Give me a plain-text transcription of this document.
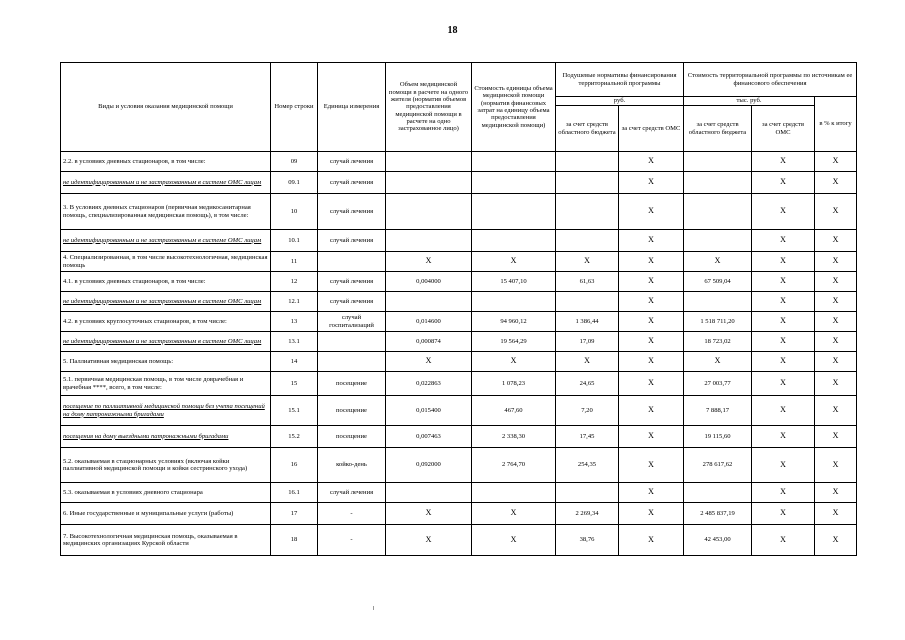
18
Виды и условия оказания медицинской помощи	Номер строки	Единица измерения	Объем медицинской помощи в расчете на одного жителя (норматив объемов предоставления медицинской помощи в расчете на одно застрахованное лицо)	Стоимость единицы объема медицинской помощи (норматив финансовых затрат на единицу объема предоставления медицинской помощи)	Подушевые нормативы финансирования территориальной программы		Стоимость территориальной программы по источникам ее финансового обеспечения		
					руб.		тыс. руб.		в % к итогу
					за счет средств областного бюджета	за счет средств ОМС	за счет средств областного бюджета	за счет средств ОМС	
2.2. в условиях дневных стационаров, в том числе:	09	случай лечения				X		X	X
не идентифицированным и не застрахованным в системе ОМС лицам	09.1	случай лечения				X		X	X
3. В условиях дневных стационаров (первичная медикосанитарная помощь, специализированная медицинская помощь), в том числе:	10	случай лечения				X		X	X
не идентифицированным и не застрахованным в системе ОМС лицам	10.1	случай лечения				X		X	X
4. Специализированная, в том числе высокотехнологичная, медицинская помощь	11		X	X	X	X	X	X	X
4.1. в условиях дневных стационаров, в том числе:	12	случай лечения	0,004000	15 407,10	61,63	X	67 509,04	X	X
не идентифицированным и не застрахованным в системе ОМС лицам	12.1	случай лечения				X		X	X
4.2. в условиях круглосуточных стационаров, в том числе:	13	случай госпитализаций	0,014600	94 960,12	1 386,44	X	1 518 711,20	X	X
не идентифицированным и не застрахованным в системе ОМС лицам	13.1		0,000874	19 564,29	17,09	X	18 723,02	X	X
5. Паллиативная медицинская помощь:	14		X	X	X	X	X	X	X
5.1. первичная медицинская помощь, в том числе доврачебная и врачебная ****, всего, в том числе:	15	посещение	0,022863	1 078,23	24,65	X	27 003,77	X	X
посещение по паллиативной медицинской помощи без учета посещений на дому патронажными бригадами	15.1	посещение	0,015400	467,60	7,20	X	7 888,17	X	X
посещения на дому выездными патронажными бригадами	15.2	посещение	0,007463	2 338,30	17,45	X	19 115,60	X	X
5.2. оказываемая в стационарных условиях (включая койки паллиативной медицинской помощи и койки сестринского ухода)	16	койко-день	0,092000	2 764,70	254,35	X	278 617,62	X	X
5.3. оказываемая в условиях дневного стационара	16.1	случай лечения				X		X	X
6. Иные государственные и муниципальные услуги (работы)	17	-	X	X	2 269,34	X	2 485 837,19	X	X
7. Высокотехнологичная медицинская помощь, оказываемая в медицинских организациях Курской области	18	-	X	X	38,76	X	42 453,00	X	X
